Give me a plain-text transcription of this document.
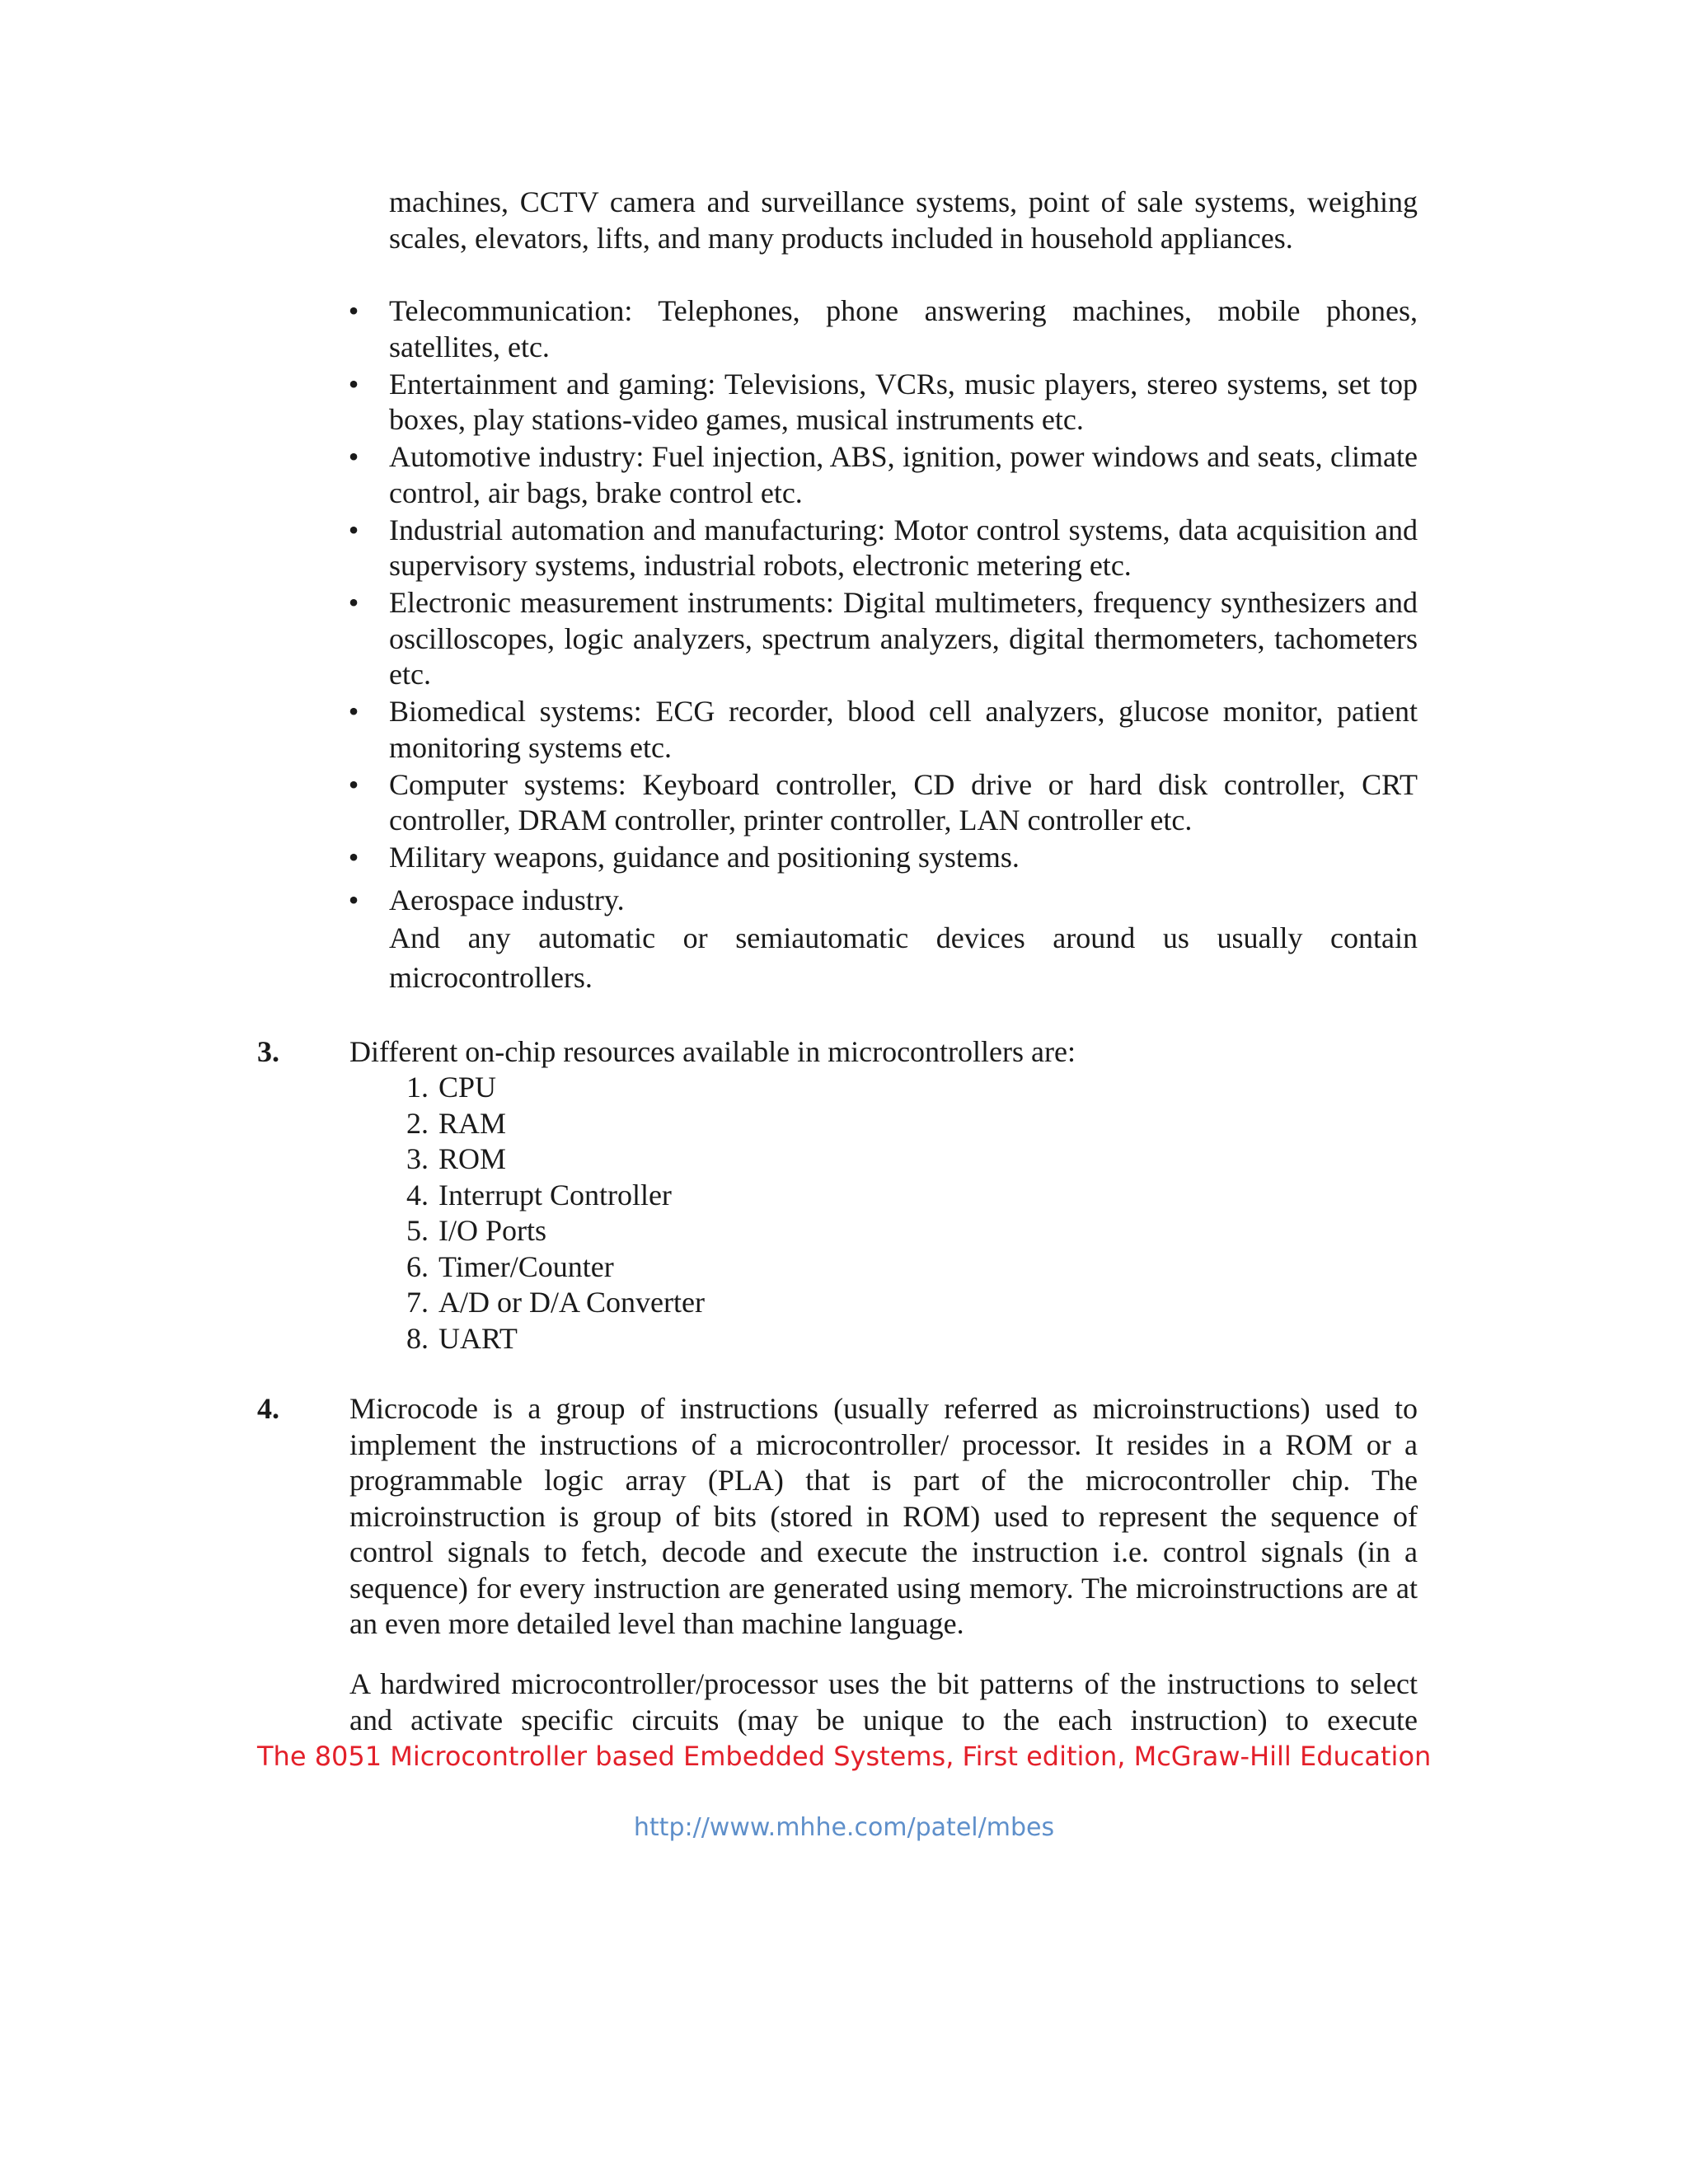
machines, CCTV camera and surveillance systems, point of sale systems, weighing scales, elevators, lifts, and many products included in household appliances.

• Telecommunication: Telephones, phone answering machines, mobile phones, satellites, etc.
• Entertainment and gaming: Televisions, VCRs, music players, stereo systems, set top boxes, play stations-video games, musical instruments etc.
• Automotive industry: Fuel injection, ABS, ignition, power windows and seats, climate control, air bags, brake control etc.
• Industrial automation and manufacturing: Motor control systems, data acquisition and supervisory systems, industrial robots, electronic metering etc.
• Electronic measurement instruments: Digital multimeters, frequency synthesizers and oscilloscopes, logic analyzers, spectrum analyzers, digital thermometers, tachometers etc.
• Biomedical systems: ECG recorder, blood cell analyzers, glucose monitor, patient monitoring systems etc.
• Computer systems: Keyboard controller, CD drive or hard disk controller, CRT controller, DRAM controller, printer controller, LAN controller etc.
• Military weapons, guidance and positioning systems.
• Aerospace industry.
And any automatic or semiautomatic devices around us usually contain
microcontrollers.
3. Different on-chip resources available in microcontrollers are:
1. CPU
2. RAM
3. ROM
4. Interrupt Controller
5. I/O Ports
6. Timer/Counter
7. A/D or D/A Converter
8. UART
4. Microcode is a group of instructions (usually referred as microinstructions) used to implement the instructions of a microcontroller/ processor. It resides in a ROM or a programmable logic array (PLA) that is part of the microcontroller chip. The microinstruction is group of bits (stored in ROM) used to represent the sequence of control signals to fetch, decode and execute the instruction i.e. control signals (in a sequence) for every instruction are generated using memory. The microinstructions are at an even more detailed level than machine language.
A hardwired microcontroller/processor uses the bit patterns of the instructions to select and activate specific circuits (may be unique to the each instruction) to execute
The 8051 Microcontroller based Embedded Systems, First edition, McGraw-Hill Education
http://www.mhhe.com/patel/mbes
